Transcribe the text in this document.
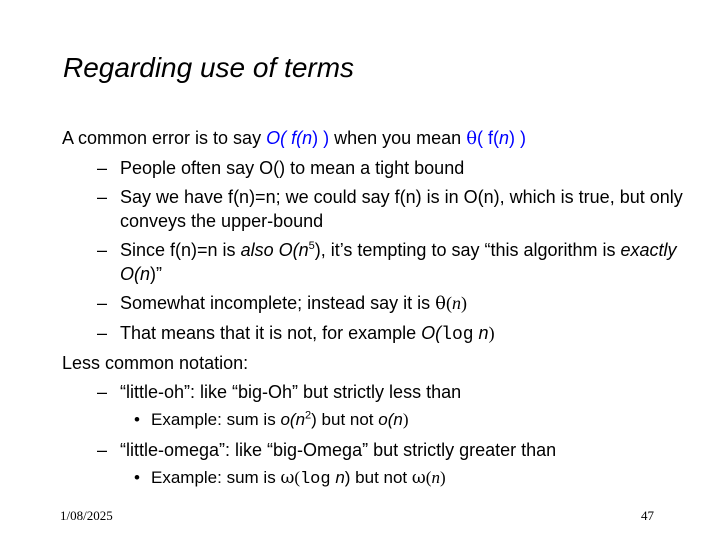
Regarding use of terms

A common error is to say O( f(n) ) when you mean θ( f(n) )

– People often say O() to mean a tight bound

– Say we have f(n)=n; we could say f(n) is in O(n), which is true, but only conveys the upper-bound

– Since f(n)=n is also $O(n^5)$, it’s tempting to say “this algorithm is exactly O(n)”

– Somewhat incomplete; instead say it is θ(n)

– That means that it is not, for example O(log n)

Less common notation:

– “little-oh”: like “big-Oh” but strictly less than

• Example: sum is $o(n^2)$ but not o(n)

– “little-omega”: like “big-Omega” but strictly greater than

• Example: sum is ω(log n) but not ω(n)

1/08/2025	47
